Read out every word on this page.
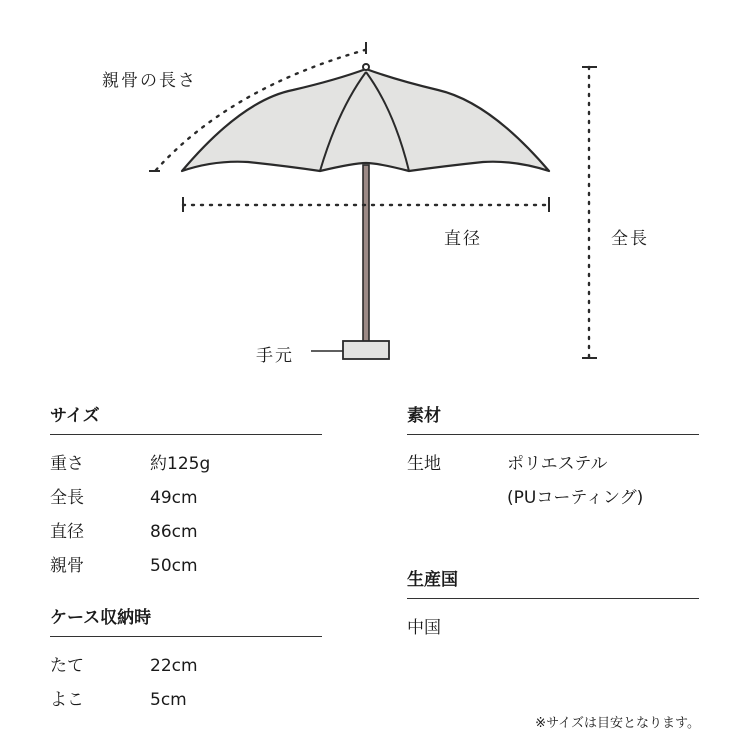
親骨の長さ
直径	全長
手元
サイズ
重さ	約125g
全長	49cm
直径	86cm
親骨	50cm
ケース収納時
たて	22cm
よこ	5cm
素材
生地	ポリエステル
(PUコーティング)
生産国
中国
※サイズは目安となります。
